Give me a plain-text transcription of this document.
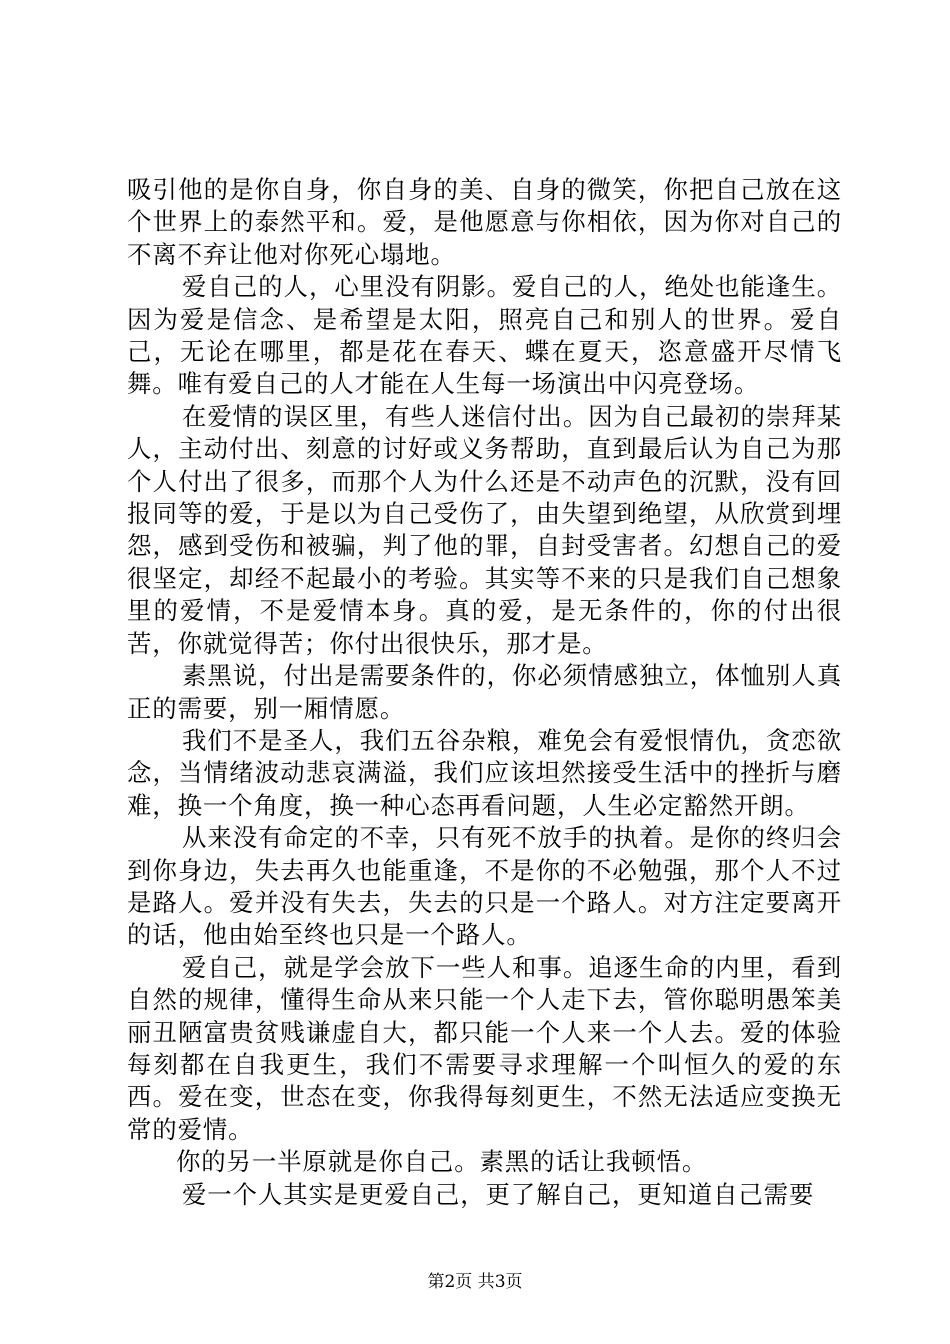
吸引他的是你自身，你自身的美、自身的微笑，你把自己放在这个世界上的泰然平和。爱，是他愿意与你相依，因为你对自己的不离不弃让他对你死心塌地。

爱自己的人，心里没有阴影。爱自己的人，绝处也能逢生。因为爱是信念、是希望是太阳，照亮自己和别人的世界。爱自己，无论在哪里，都是花在春天、蝶在夏天，恣意盛开尽情飞舞。唯有爱自己的人才能在人生每一场演出中闪亮登场。

在爱情的误区里，有些人迷信付出。因为自己最初的崇拜某人，主动付出、刻意的讨好或义务帮助，直到最后认为自己为那个人付出了很多，而那个人为什么还是不动声色的沉默，没有回报同等的爱，于是以为自己受伤了，由失望到绝望，从欣赏到埋怨，感到受伤和被骗，判了他的罪，自封受害者。幻想自己的爱很坚定，却经不起最小的考验。其实等不来的只是我们自己想象里的爱情，不是爱情本身。真的爱，是无条件的，你的付出很苦，你就觉得苦；你付出很快乐，那才是。

素黑说，付出是需要条件的，你必须情感独立，体恤别人真正的需要，别一厢情愿。

我们不是圣人，我们五谷杂粮，难免会有爱恨情仇，贪恋欲念，当情绪波动悲哀满溢，我们应该坦然接受生活中的挫折与磨难，换一个角度，换一种心态再看问题，人生必定豁然开朗。

从来没有命定的不幸，只有死不放手的执着。是你的终归会到你身边，失去再久也能重逢，不是你的不必勉强，那个人不过是路人。爱并没有失去，失去的只是一个路人。对方注定要离开的话，他由始至终也只是一个路人。

爱自己，就是学会放下一些人和事。追逐生命的内里，看到自然的规律，懂得生命从来只能一个人走下去，管你聪明愚笨美丽丑陋富贵贫贱谦虚自大，都只能一个人来一个人去。爱的体验每刻都在自我更生，我们不需要寻求理解一个叫恒久的爱的东西。爱在变，世态在变，你我得每刻更生，不然无法适应变换无常的爱情。

你的另一半原就是你自己。素黑的话让我顿悟。

爱一个人其实是更爱自己，更了解自己，更知道自己需要

第2页 共3页
